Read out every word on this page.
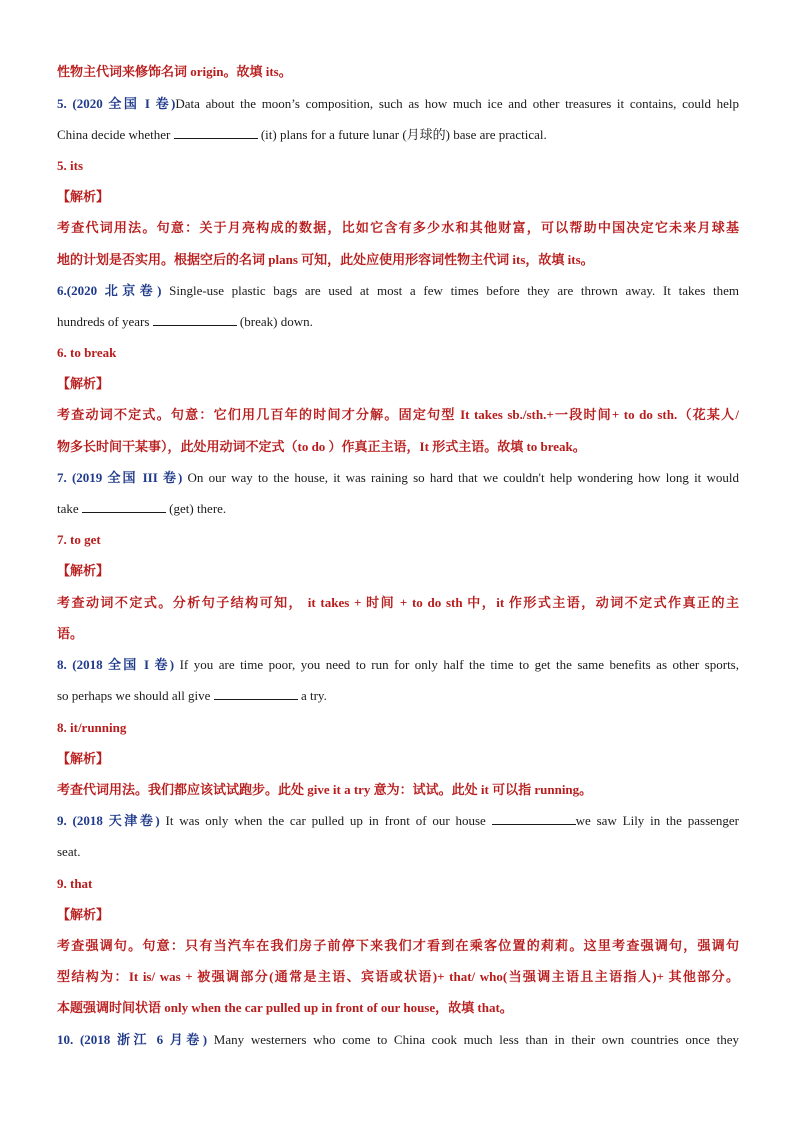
性物主代词来修饰名词 origin。故填 its。
5. (2020 全国 I 卷)Data about the moon’s composition, such as how much ice and other treasures it contains, could help
China decide whether	(it) plans for a future lunar (月球的) base are practical.
5. its
【解析】
考查代词用法。句意：关于月亮构成的数据，比如它含有多少水和其他财富，可以帮助中国决定它未来月球基
地的计划是否实用。根据空后的名词 plans 可知，此处应使用形容词性物主代词 its，故填 its。
6.(2020 北京卷) Single-use plastic bags are used at most a few times before they are thrown away. It takes them
hundreds of years	(break) down.
6. to break
【解析】
考查动词不定式。句意：它们用几百年的时间才分解。固定句型 It takes sb./sth.+一段时间+ to do sth.（花某人/
物多长时间干某事），此处用动词不定式（to do ）作真正主语，It 形式主语。故填 to break。
7. (2019 全国 III 卷) On our way to the house, it was raining so hard that we couldn't help wondering how long it would
take	(get) there.
7. to get
【解析】
考查动词不定式。分析句子结构可知， it takes + 时间 + to do sth 中，it 作形式主语，动词不定式作真正的主
语。
8. (2018 全国 I 卷) If you are time poor, you need to run for only half the time to get the same benefits as other sports,
so perhaps we should all give	a try.
8. it/running
【解析】
考查代词用法。我们都应该试试跑步。此处 give it a try 意为：试试。此处 it 可以指 running。
9. (2018 天津卷) It was only when the car pulled up in front of our house	we saw Lily in the passenger
seat.
9. that
【解析】
考查强调句。句意：只有当汽车在我们房子前停下来我们才看到在乘客位置的莉莉。这里考查强调句，强调句
型结构为：It is/ was + 被强调部分(通常是主语、宾语或状语)+ that/ who(当强调主语且主语指人)+ 其他部分。
本题强调时间状语 only when the car pulled up in front of our house，故填 that。
10. (2018 浙江 6 月卷) Many westerners who come to China cook much less than in their own countries once they
